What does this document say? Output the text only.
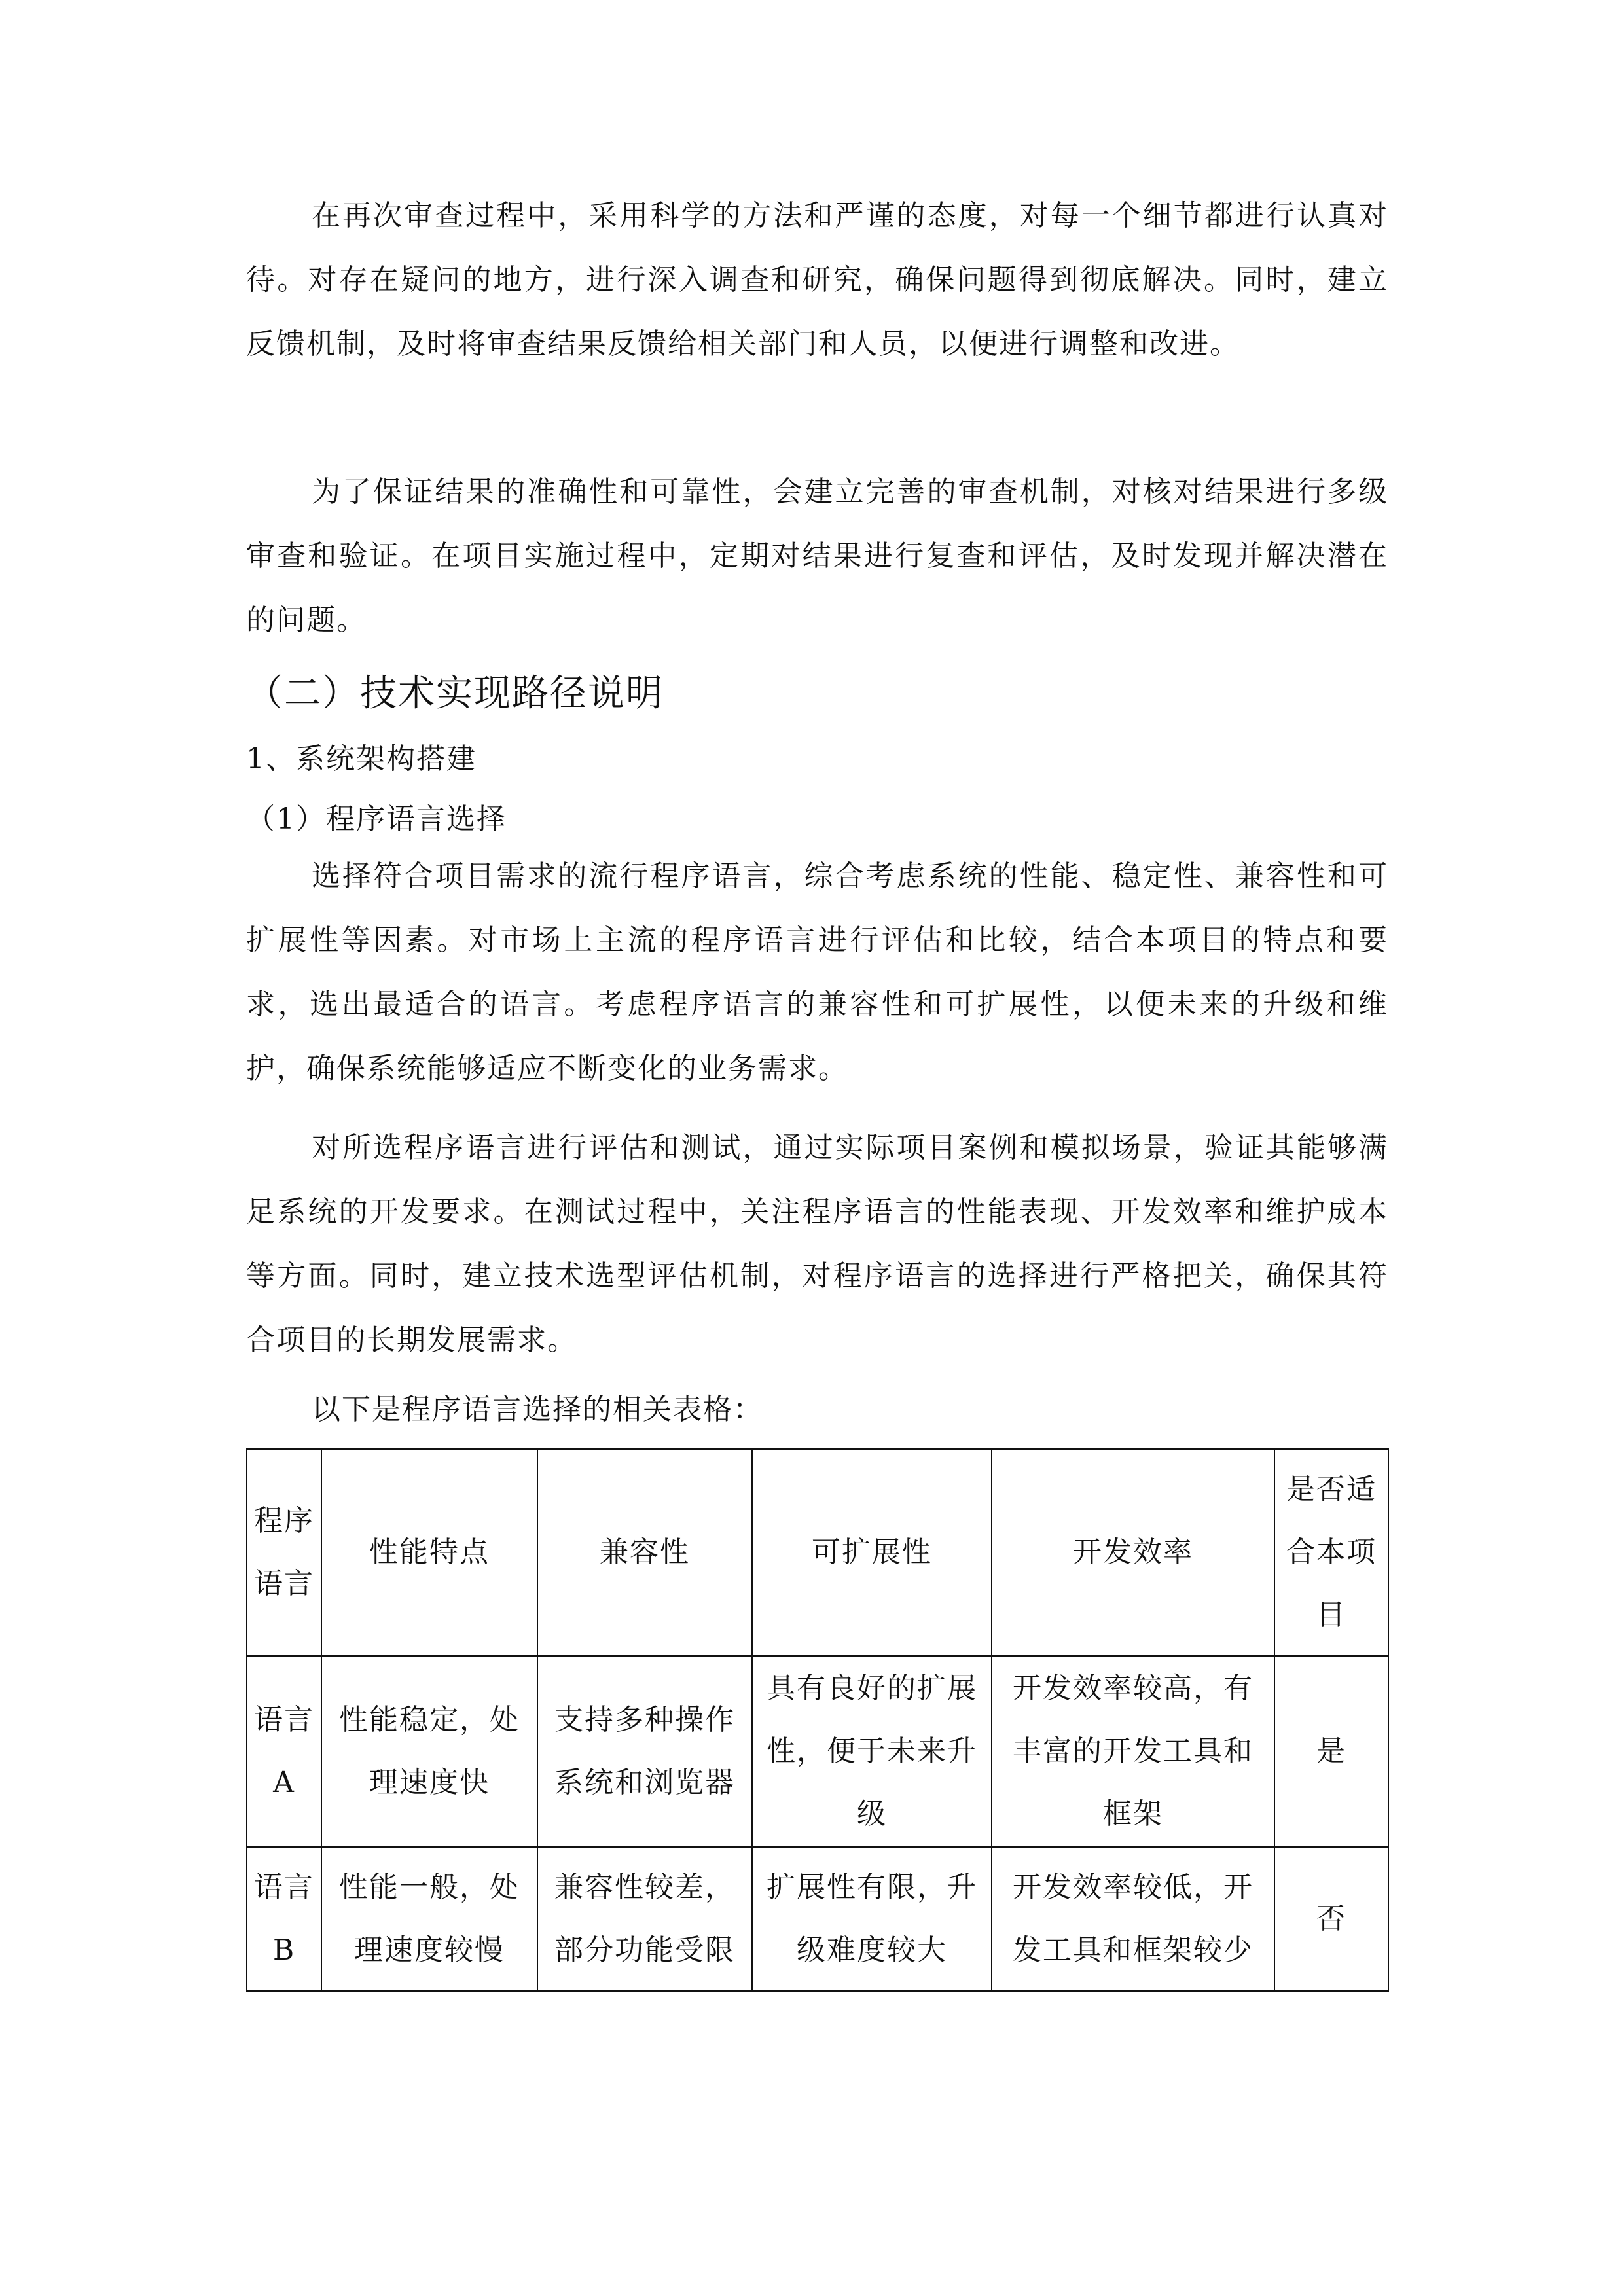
在再次审查过程中，采用科学的方法和严谨的态度，对每一个细节都进行认真对待。对存在疑问的地方，进行深入调查和研究，确保问题得到彻底解决。同时，建立反馈机制，及时将审查结果反馈给相关部门和人员，以便进行调整和改进。

为了保证结果的准确性和可靠性，会建立完善的审查机制，对核对结果进行多级审查和验证。在项目实施过程中，定期对结果进行复查和评估，及时发现并解决潜在的问题。

（二）技术实现路径说明
1、系统架构搭建
（1）程序语言选择

选择符合项目需求的流行程序语言，综合考虑系统的性能、稳定性、兼容性和可扩展性等因素。对市场上主流的程序语言进行评估和比较，结合本项目的特点和要求，选出最适合的语言。考虑程序语言的兼容性和可扩展性，以便未来的升级和维护，确保系统能够适应不断变化的业务需求。

对所选程序语言进行评估和测试，通过实际项目案例和模拟场景，验证其能够满足系统的开发要求。在测试过程中，关注程序语言的性能表现、开发效率和维护成本等方面。同时，建立技术选型评估机制，对程序语言的选择进行严格把关，确保其符合项目的长期发展需求。

以下是程序语言选择的相关表格：

程序语言	性能特点	兼容性	可扩展性	开发效率	是否适合本项目
语言A	性能稳定，处理速度快	支持多种操作系统和浏览器	具有良好的扩展性，便于未来升级	开发效率较高，有丰富的开发工具和框架	是
语言B	性能一般，处理速度较慢	兼容性较差，部分功能受限	扩展性有限，升级难度较大	开发效率较低，开发工具和框架较少	否
